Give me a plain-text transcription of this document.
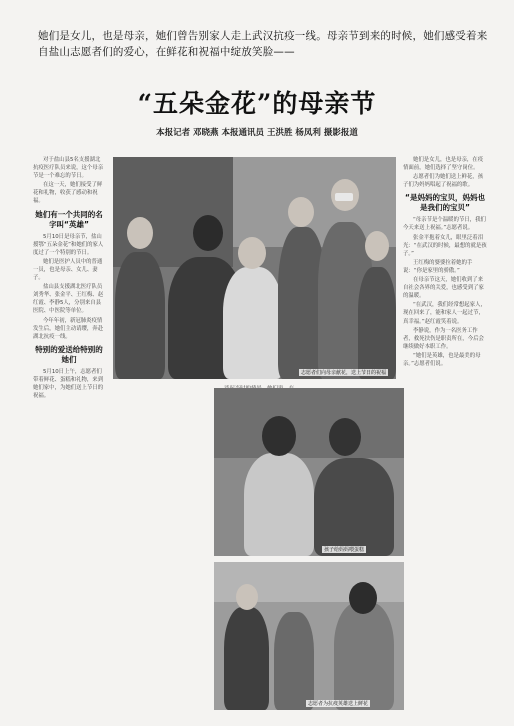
她们是女儿，也是母亲，她们曾告别家人走上武汉抗疫一线。母亲节到来的时候，她们感受着来自盐山志愿者们的爱心，在鲜花和祝福中绽放笑脸——
“五朵金花”的母亲节
本报记者 邓晓燕 本报通讯员 王洪胜 杨凤利 摄影报道

对于盐山县5名支援湖北抗疫医疗队员来说，这个母亲节是一个难忘的节日。

在这一天，她们接受了鲜花和礼物，收获了感动和祝福。

她们有一个共同的名字叫“英雄”

5月10日是母亲节，盐山援鄂“五朵金花”和她们的家人度过了一个特别的节日。

她们是医护人员中的普通一员，也是母亲、女儿、妻子。

盐山县支援湖北医疗队员刘秀华、张金平、王红梅、赵红霞、李静5人，分别来自县医院、中医院等单位。

今年年初，新冠肺炎疫情发生后，她们主动请缨，奔赴湖北抗疫一线。

特别的爱送给特别的她们

5月10日上午，志愿者们带着鲜花、蛋糕和礼物，来到她们家中，为她们送上节日的祝福。

志愿者们向母亲献花，送上节日的祝福

孩子给妈妈喂蛋糕
志愿者为抗疫英雄送上鲜花

她们是女儿，也是母亲，在疫情面前，她们选择了坚守岗位。

志愿者们为她们送上鲜花，孩子们为妈妈唱起了祝福的歌。

“是妈妈的宝贝，妈妈也是我们的宝贝”

“母亲节是个温暖的节日，我们今天来送上祝福。”志愿者说。

张金平抱着女儿，眼里泛着泪光：“在武汉的时候，最想的就是孩子。”

王红梅的婆婆拉着她的手说：“你是家里的骄傲。”

在母亲节这天，她们收到了来自社会各界的关爱，也感受到了家的温暖。

“在武汉，我们经常想起家人，现在回来了，能和家人一起过节，真幸福。”赵红霞笑着说。

李静说，作为一名医务工作者，救死扶伤是职责所在，今后会继续做好本职工作。

“她们是英雄，也是最美的母亲。”志愿者们说。
